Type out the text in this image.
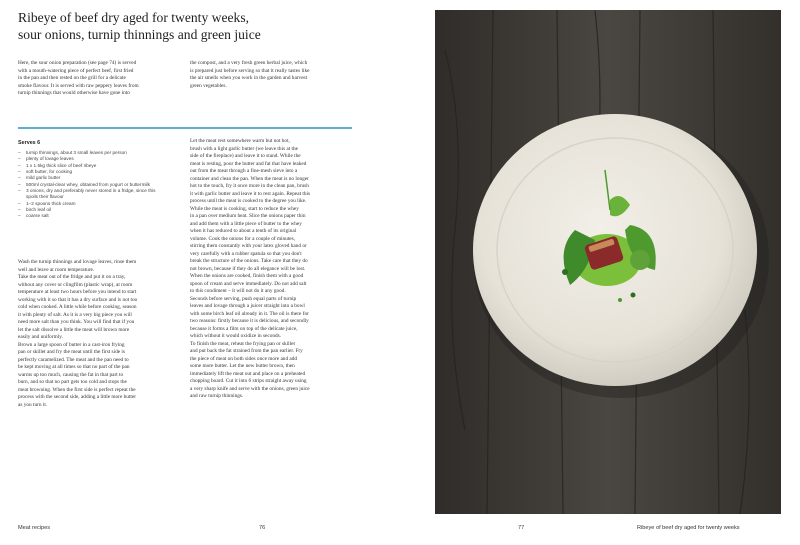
Ribeye of beef dry aged for twenty weeks,
sour onions, turnip thinnings and green juice
Here, the sour onion preparation (see page 74) is served
with a mouth-watering piece of perfect beef, first fried
in the pan and then rested on the grill for a delicate
smoke flavour. It is served with raw peppery leaves from
turnip thinnings that would otherwise have gone into
the compost, and a very fresh green herbal juice, which
is prepared just before serving so that it really tastes like
the air smells when you work in the garden and harvest
green vegetables.
Serves 6
–	turnip thinnings, about 3 small leaves per person
–	plenty of lovage leaves
–	1 x 1.5kg thick slice of beef ribeye
–	soft butter, for cooking
–	mild garlic butter
–	500ml crystal-clear whey, obtained from yogurt or buttermilk
–	3 onions, dry and preferably never stored in a fridge, since this
spoils their flavour
–	1–2 spoons thick cream
–	birch leaf oil
–	coarse salt
Wash the turnip thinnings and lovage leaves, rinse them
well and leave at room temperature.
Take the meat out of the fridge and put it on a tray,
without any cover or clingfilm (plastic wrap), at room
temperature at least two hours before you intend to start
working with it so that it has a dry surface and is not too
cold when cooked. A little while before cooking, season
it with plenty of salt. As it is a very big piece you will
need more salt than you think. You will find that if you
let the salt dissolve a little the meat will brown more
easily and uniformly.
Brown a large spoon of butter in a cast-iron frying
pan or skillet and fry the meat until the first side is
perfectly caramelized. The meat and the pan need to
be kept moving at all times so that no part of the pan
warms up too much, causing the fat in that part to
burn, and so that no part gets too cold and stops the
meat browning. When the first side is perfect repeat the
process with the second side, adding a little more butter
as you turn it.
Let the meat rest somewhere warm but not hot,
brush with a light garlic butter (we leave this at the
side of the fireplace) and leave it to stand. While the
meat is resting, pour the butter and fat that have leaked
out from the meat through a fine-mesh sieve into a
container and clean the pan. When the meat is no longer
hot to the touch, fry it once more in the clean pan, brush
it with garlic butter and leave it to rest again. Repeat this
process until the meat is cooked to the degree you like.
While the meat is cooking, start to reduce the whey
in a pan over medium heat. Slice the onions paper thin
and add them with a little piece of butter to the whey
when it has reduced to about a tenth of its original
volume. Cook the onions for a couple of minutes,
stirring them constantly with your latex gloved hand or
very carefully with a rubber spatula so that you don't
break the structure of the onions. Take care that they do
not brown, because if they do all elegance will be lost.
When the onions are cooked, finish them with a good
spoon of cream and serve immediately. Do not add salt
to this condiment – it will not do it any good.
Seconds before serving, push equal parts of turnip
leaves and lovage through a juicer straight into a bowl
with some birch leaf oil already in it. The oil is there for
two reasons: firstly because it is delicious, and secondly
because it forms a film on top of the delicate juice,
which without it would oxidize in seconds.
To finish the meat, reheat the frying pan or skillet
and put back the fat strained from the pan earlier. Fry
the piece of meat on both sides once more and add
some more butter. Let the new butter brown, then
immediately lift the meat out and place on a preheated
chopping board. Cut it into 6 strips straight away using
a very sharp knife and serve with the onions, green juice
and raw turnip thinnings.
Meat recipes	76	77	Ribeye of beef dry aged for twenty weeks
